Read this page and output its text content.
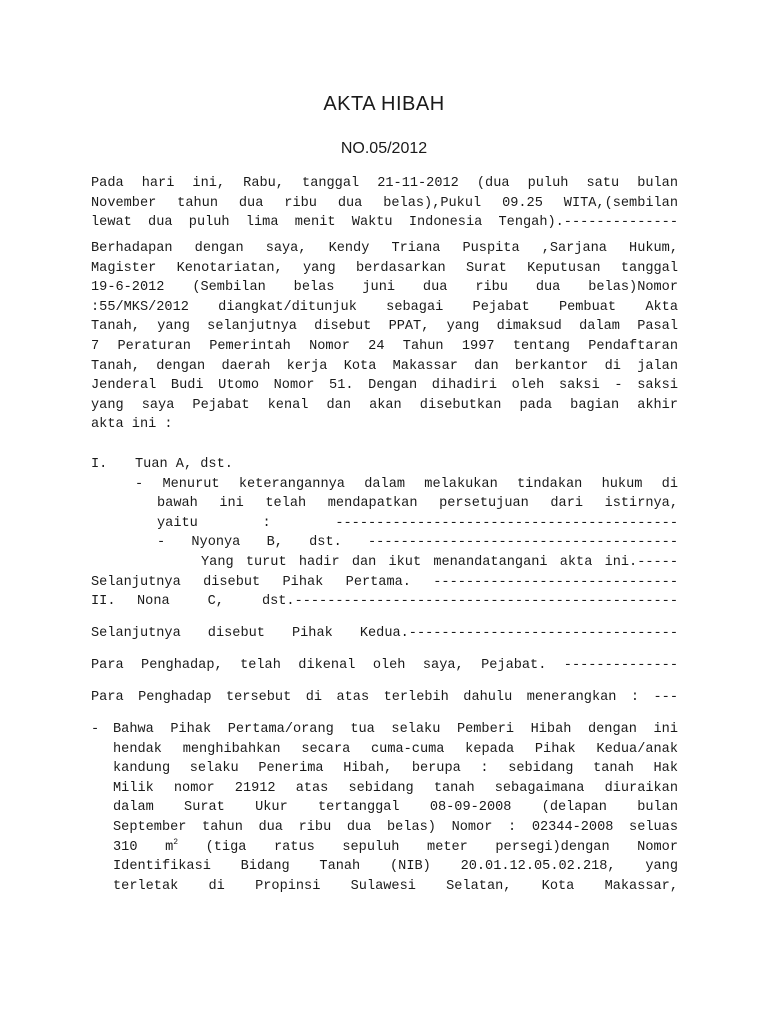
AKTA HIBAH
NO.05/2012
Pada hari ini, Rabu, tanggal 21-11-2012 (dua puluh satu bulan
November tahun dua ribu dua belas),Pukul 09.25 WITA,(sembilan
lewat dua puluh lima menit Waktu Indonesia Tengah).--------------
Berhadapan dengan saya, Kendy Triana Puspita ,Sarjana Hukum,
Magister Kenotariatan, yang berdasarkan Surat Keputusan tanggal
19-6-2012 (Sembilan belas juni dua ribu dua belas)Nomor
:55/MKS/2012 diangkat/ditunjuk sebagai Pejabat Pembuat Akta
Tanah, yang selanjutnya disebut PPAT, yang dimaksud dalam Pasal
7 Peraturan Pemerintah Nomor 24 Tahun 1997 tentang Pendaftaran
Tanah, dengan daerah kerja Kota Makassar dan berkantor di jalan
Jenderal Budi Utomo Nomor 51. Dengan dihadiri oleh saksi - saksi
yang saya Pejabat kenal dan akan disebutkan pada bagian akhir
akta ini :
I. Tuan A, dst.
- Menurut keterangannya dalam melakukan tindakan hukum di
bawah ini telah mendapatkan persetujuan dari istirnya,
yaitu : ------------------------------------------
- Nyonya B, dst. --------------------------------------
Yang turut hadir dan ikut menandatangani akta ini.-----
Selanjutnya disebut Pihak Pertama. ------------------------------
II. Nona C, dst.-----------------------------------------------
Selanjutnya disebut Pihak Kedua.---------------------------------
Para Penghadap, telah dikenal oleh saya, Pejabat. --------------
Para Penghadap tersebut di atas terlebih dahulu menerangkan : ---
- Bahwa Pihak Pertama/orang tua selaku Pemberi Hibah dengan ini
hendak menghibahkan secara cuma-cuma kepada Pihak Kedua/anak
kandung selaku Penerima Hibah, berupa : sebidang tanah Hak
Milik nomor 21912 atas sebidang tanah sebagaimana diuraikan
dalam Surat Ukur tertanggal 08-09-2008 (delapan bulan
September tahun dua ribu dua belas) Nomor : 02344-2008 seluas
310 $m^2$ (tiga ratus sepuluh meter persegi)dengan Nomor
Identifikasi Bidang Tanah (NIB) 20.01.12.05.02.218, yang
terletak di Propinsi Sulawesi Selatan, Kota Makassar,
